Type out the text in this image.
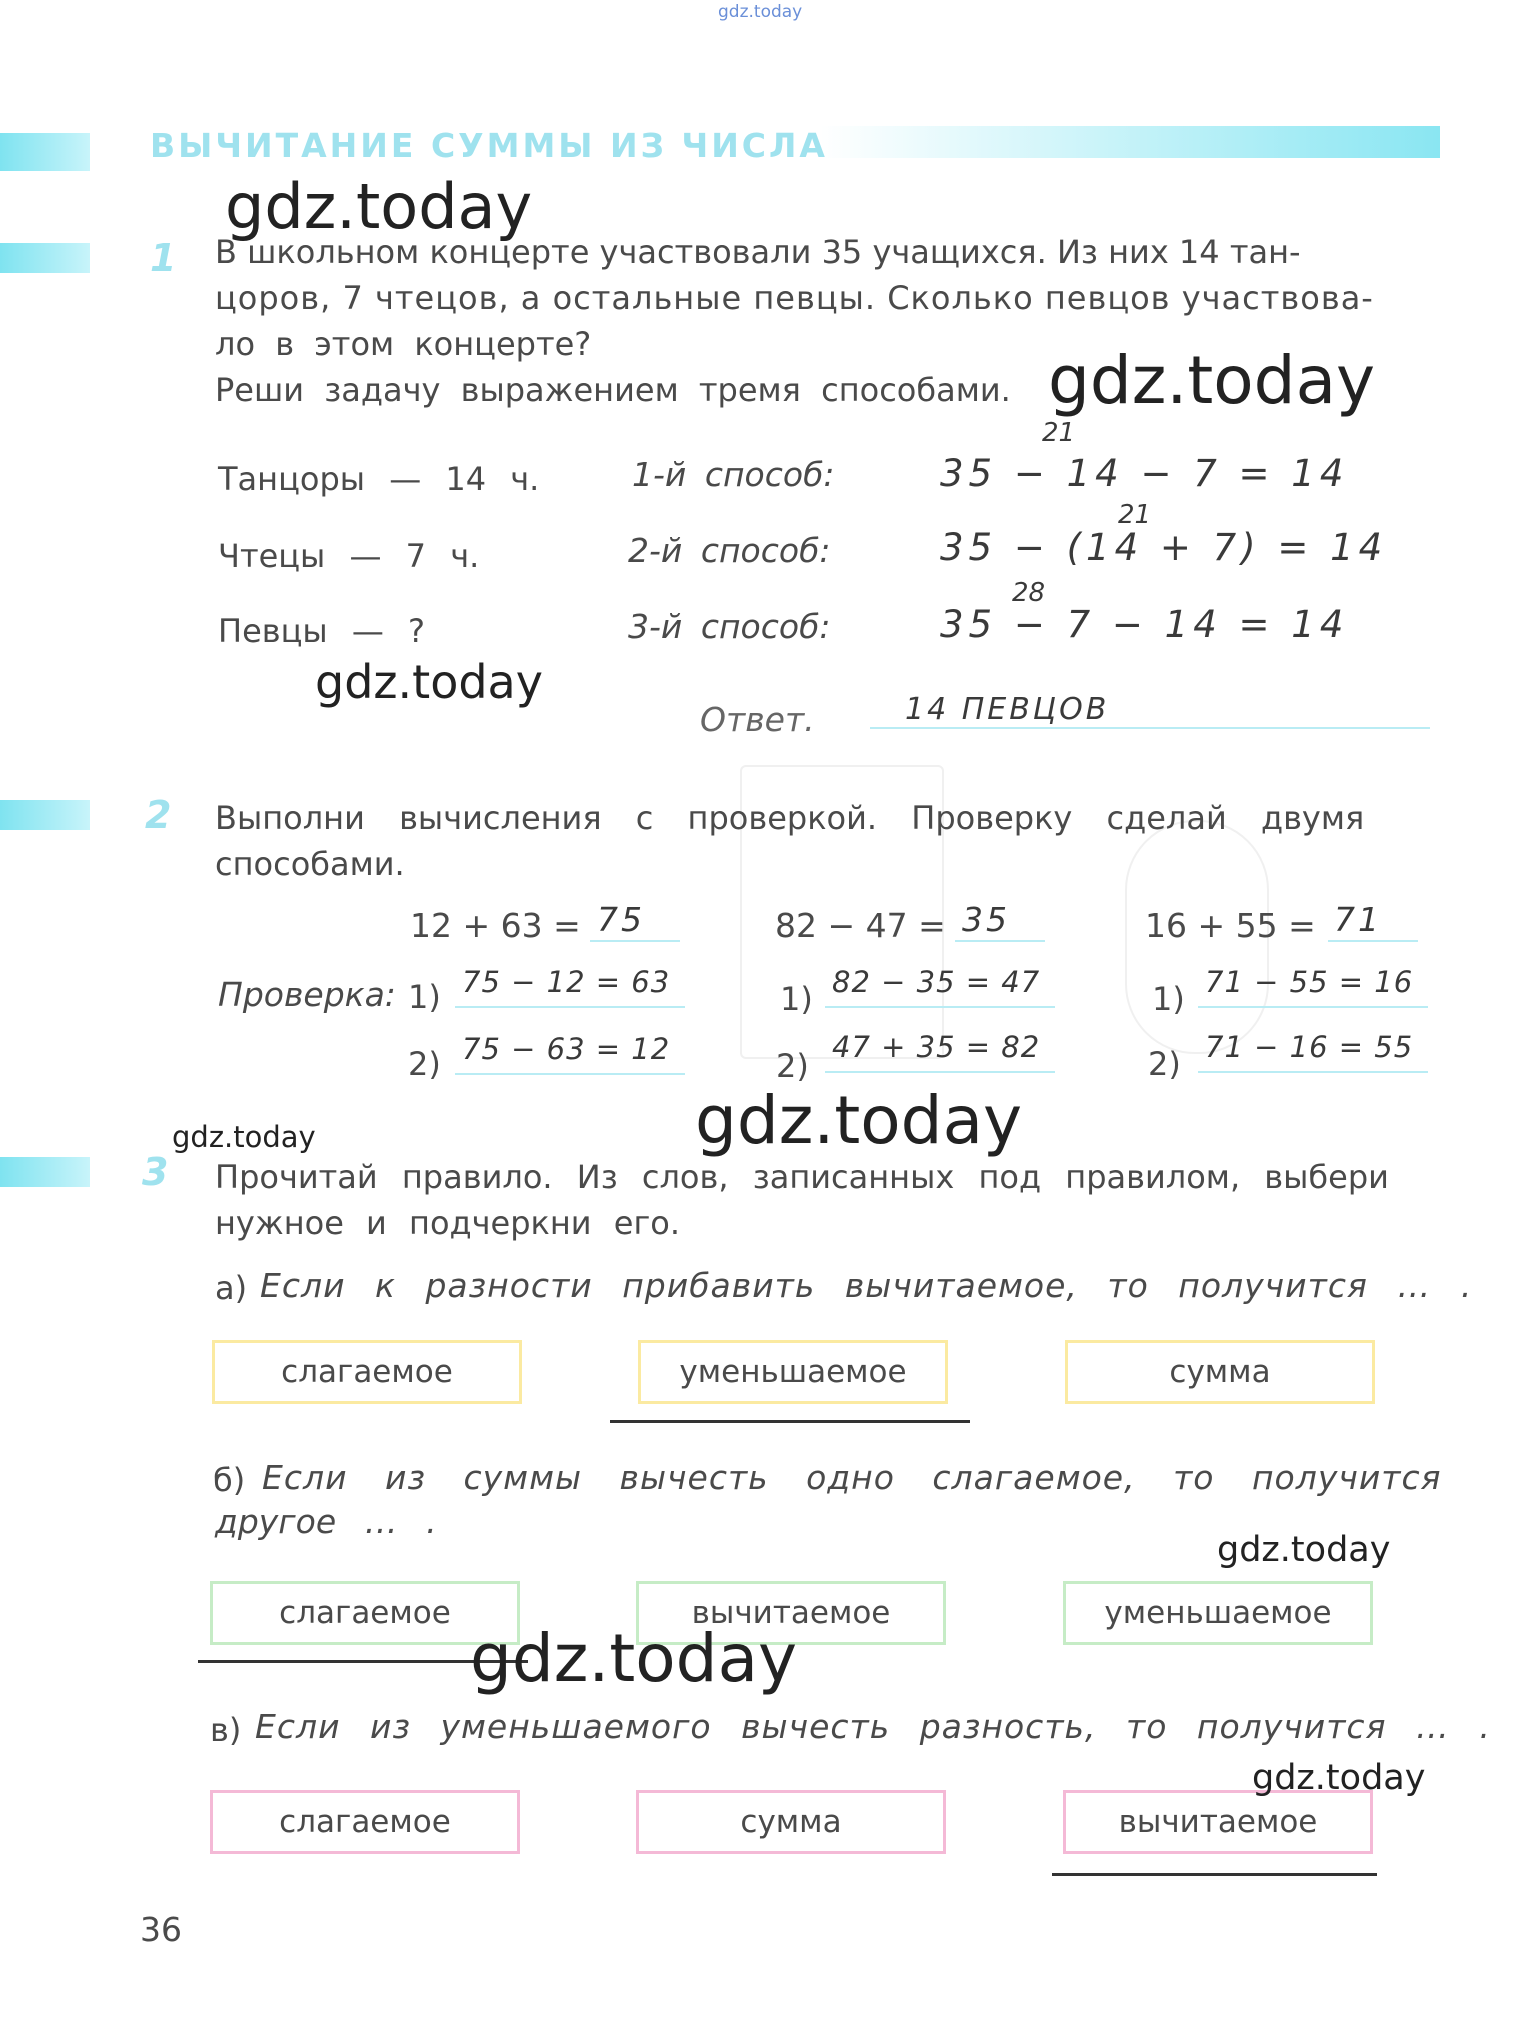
gdz.today
ВЫЧИТАНИЕ СУММЫ ИЗ ЧИСЛА
1 В школьном концерте участвовали 35 учащихся. Из них 14 тан-
цоров, 7 чтецов, а остальные певцы. Сколько певцов участвова-
ло в этом концерте?
Реши задачу выражением тремя способами.
Танцоры — 14 ч.	1-й способ:
21
35 − 14 − 7 = 14
Чтецы — 7 ч.	2-й способ:
21
35 − (14 + 7) = 14
Певцы — ?	3-й способ:
28
35 − 7 − 14 = 14
Ответ.	14 ПЕВЦОВ
gdz.today
gdz.today
gdz.today
2 Выполни вычисления с проверкой. Проверку сделай двумя
способами.
12 + 63 = 75
Проверка: 1) 75 − 12 = 63
2) 75 − 63 = 12
82 − 47 = 35
1) 82 − 35 = 47
2) 47 + 35 = 82
16 + 55 = 71
1) 71 − 55 = 16
2) 71 − 16 = 55
gdz.today	gdz.today
3 Прочитай правило. Из слов, записанных под правилом, выбери
нужное и подчеркни его.
а) Если к разности прибавить вычитаемое, то получится … .
слагаемое	уменьшаемое	сумма
б) Если из суммы вычесть одно слагаемое, то получится
другое … .
слагаемое	вычитаемое	уменьшаемое
gdz.today
gdz.today
в) Если из уменьшаемого вычесть разность, то получится … .
слагаемое	сумма	вычитаемое
gdz.today
36
